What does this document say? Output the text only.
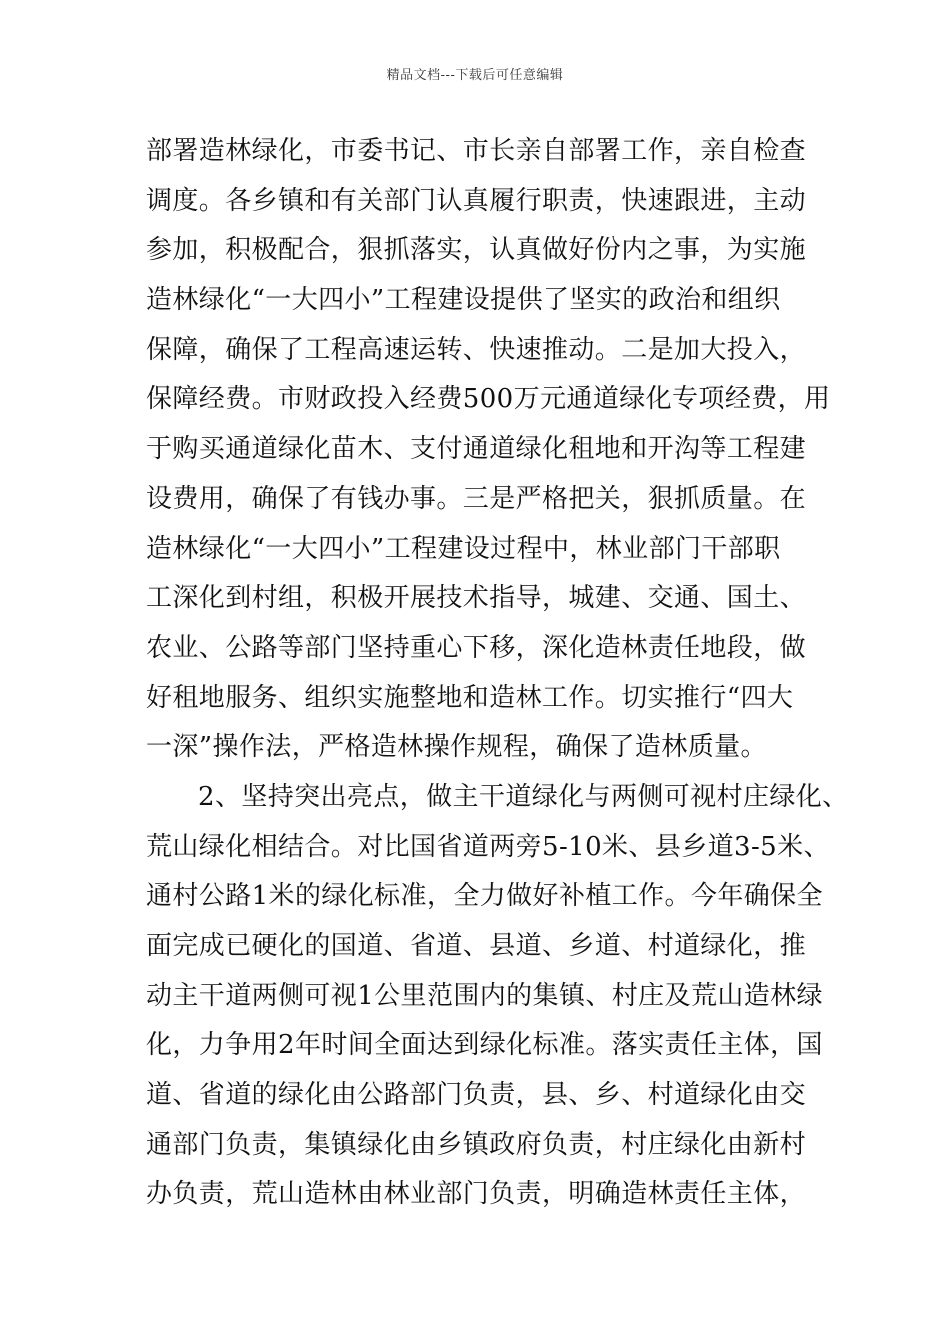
精品文档---下载后可任意编辑
部署造林绿化，市委书记、市长亲自部署工作，亲自检查
调度。各乡镇和有关部门认真履行职责，快速跟进，主动
参加，积极配合，狠抓落实，认真做好份内之事，为实施
造林绿化“一大四小”工程建设提供了坚实的政治和组织
保障，确保了工程高速运转、快速推动。二是加大投入，
保障经费。市财政投入经费500万元通道绿化专项经费，用
于购买通道绿化苗木、支付通道绿化租地和开沟等工程建
设费用，确保了有钱办事。三是严格把关，狠抓质量。在
造林绿化“一大四小”工程建设过程中，林业部门干部职
工深化到村组，积极开展技术指导，城建、交通、国土、
农业、公路等部门坚持重心下移，深化造林责任地段，做
好租地服务、组织实施整地和造林工作。切实推行“四大
一深”操作法，严格造林操作规程，确保了造林质量。
2、坚持突出亮点，做主干道绿化与两侧可视村庄绿化、
荒山绿化相结合。对比国省道两旁5-10米、县乡道3-5米、
通村公路1米的绿化标准，全力做好补植工作。今年确保全
面完成已硬化的国道、省道、县道、乡道、村道绿化，推
动主干道两侧可视1公里范围内的集镇、村庄及荒山造林绿
化，力争用2年时间全面达到绿化标准。落实责任主体，国
道、省道的绿化由公路部门负责，县、乡、村道绿化由交
通部门负责，集镇绿化由乡镇政府负责，村庄绿化由新村
办负责，荒山造林由林业部门负责，明确造林责任主体，
